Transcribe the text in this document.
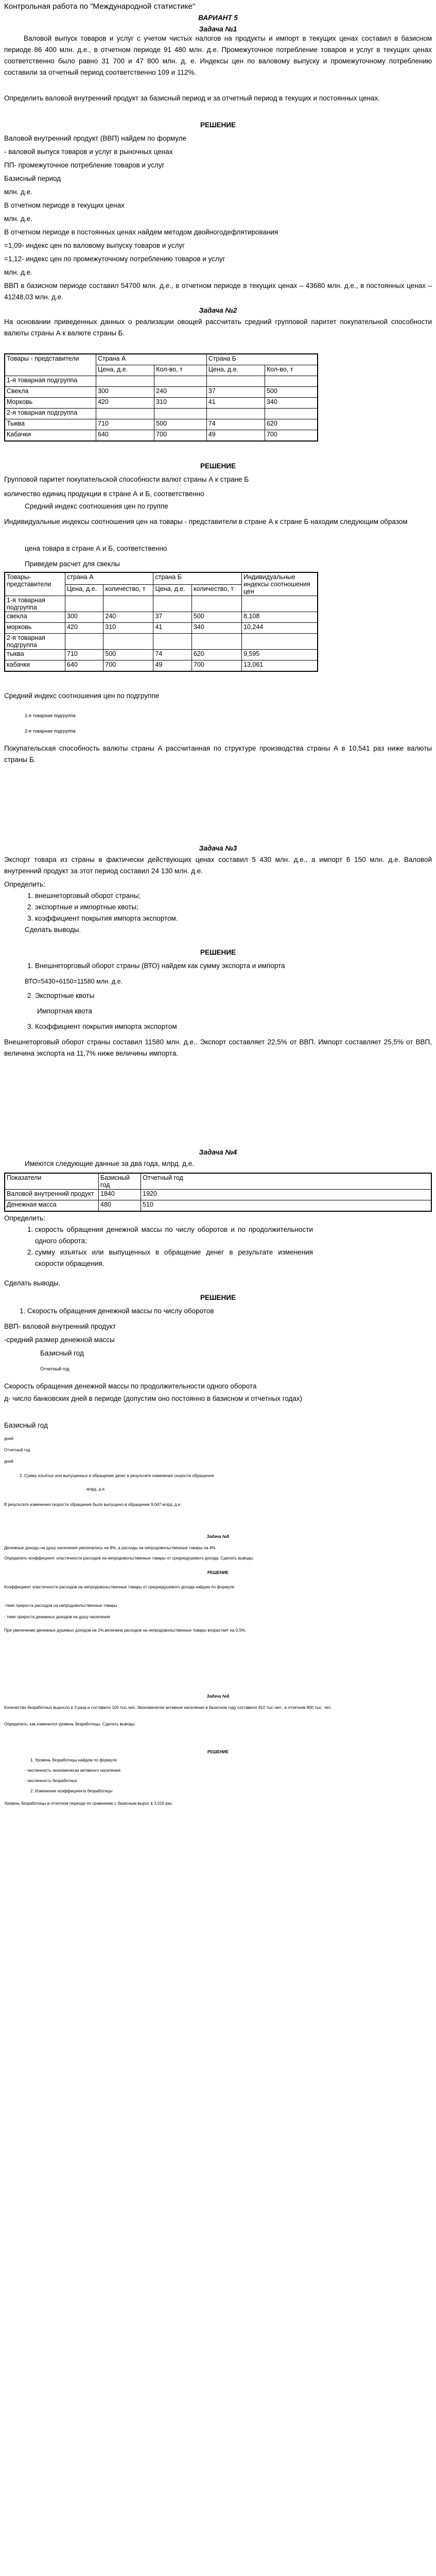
Контрольная работа по "Международной статистике"
ВАРИАНТ 5
Задача №1
Валовой выпуск товаров и услуг с учетом чистых налогов на продукты и импорт в текущих ценах составил в базисном периоде 86 400 млн. д.е., в отчетном периоде 91 480 млн. д.е. Промежуточное потребление товаров и услуг в текущих ценах соответственно было равно 31 700 и 47 800 млн. д. е. Индексы цен по валовому выпуску и промежуточному потреблению составили за отчетный период соответственно 109 и 112%.
Определить валовой внутренний продукт за базисный период и за отчетный период в текущих и постоянных ценах.
РЕШЕНИЕ
Валовой внутренний продукт (ВВП) найдем по формуле
- валовой выпуск товаров и услуг в рыночных ценах
ПП- промежуточное потребление товаров и услуг
Базисный период
млн. д.е.
В отчетном периоде в текущих ценах
млн. д.е.
В отчетном периоде в постоянных ценах найдем методом двойногодефлятирования
=1,09- индекс цен по валовому выпуску товаров и услуг
=1,12- индекс цен по промежуточному потреблению товаров и услуг
млн. д.е.
ВВП в базисном периоде составил 54700 млн. д.е., в отчетном периоде в текущих ценах – 43680 млн. д.е., в постоянных ценах – 41248,03 млн. д.е.
Задача №2
На основании приведенных данных о реализации овощей рассчитать средний групповой паритет покупательной способности валюты страны А к валюте страны Б.
Товары - представители	Страна А		Страна Б	
	Цена, д.е.	Кол-во, т	Цена, д.е.	Кол-во, т
1-я товарная подгруппа				
Свекла	300	240	37	500
Морковь	420	310	41	340
2-я товарная подгруппа				
Тыква	710	500	74	620
Кабачки	640	700	49	700
РЕШЕНИЕ
Групповой паритет покупательской способности валют страны А к стране Б
количество единиц продукции в стране А и Б, соответственно
Средний индекс соотношения цен по группе
Индивидуальные индексы соотношения цен на товары - представители в стране А к стране Б находим следующим образом
цена товара в стране А и Б, соответственно
Приведем расчет для свеклы
Товары-представители	страна А		страна Б		Индивидуальные индексы соотношения цен
	Цена, д.е.	количество, т	Цена, д.е.	количество, т	
1-я товарная подгруппа					
свекла	300	240	37	500	8,108
морковь	420	310	41	340	10,244
2-я товарная подгруппа					
тыква	710	500	74	620	9,595
кабачки	640	700	49	700	13,061
Средний индекс соотношения цен по подгруппе
1-я товарная подгруппа
2-я товарная подгруппа
Покупательская способность валюты страны А рассчитанная по структуре производства страны А в 10,541 раз ниже валюты страны Б.
Задача №3
Экспорт товара из страны в фактически действующих ценах составил 5 430 млн. д.е., а импорт 6 150 млн. д.е. Валовой внутренний продукт за этот период составил 24 130 млн. д.е.
Определить:
1. внешнеторговый оборот страны;
2. экспортные и импортные квоты;
3. коэффициент покрытия импорта экспортом.
Сделать выводы.
РЕШЕНИЕ
1. Внешнеторговый оборот страны (ВТО) найдем как сумму экспорта и импорта
ВТО=5430+6150=11580 млн. д.е.
2. Экспортные квоты
Импортная квота
3. Коэффициент покрытия импорта экспортом
Внешнеторговый оборот страны составил 11580 млн. д.е.. Экспорт составляет 22,5% от ВВП. Импорт составляет 25,5% от ВВП, величина экспорта на 11,7% ниже величины импорта.
Задача №4
Имеются следующие данные за два года, млрд. д.е.
Показатели	Базисный год	Отчетный год
Валовой внутренний продукт	1840	1920
Денежная масса	480	510
Определить:
1. скорость обращения денежной массы по числу оборотов и по продолжительности одного оборота;
2. сумму изъятых или выпущенных в обращение денег в результате изменения скорости обращения.
Сделать выводы.
РЕШЕНИЕ
1. Скорость обращения денежной массы по числу оборотов
ВВП- валовой внутренний продукт
-средний размер денежной массы
Базисный год
Отчетный год
Скорость обращения денежной массы по продолжительности одного оборота
д- число банковских дней в периоде (допустим оно постоянно в базисном и отчетных годах)
Базисный год
дней
Отчетный год
дней
2. Сумму изъятых или выпущенных в обращение денег в результате изменения скорости обращения
млрд. д.е.
В результате изменения скорости обращения было выпущено в обращение 9,047 млрд. д.е.
Задача №5
Денежные доходы на душу населения увеличились на 8%, а расходы на непродовольственные товары на 4%.
Определить коэффициент эластичности расходов на непродовольственные товары от среднедушевого дохода. Сделать выводы.
РЕШЕНИЕ
Коэффициент эластичности расходов на непродовольственные товары от среднедушевого дохода найдем по формуле
-темп прироста расходов на непродовольственные товары
- темп прироста денежных доходов на душу населения
При увеличении денежных душевых доходов на 1%,величина расходов на непродовольственные товары возрастает на 0,5%.
Задача №6
Количество безработных выросло в 3 раза и составило 100 тыс.чел. Экономически активное население в базисном году составило 810 тыс.чел., в отчетном 800 тыс. чел.
Определить, как изменился уровень безработицы. Сделать выводы.
РЕШЕНИЕ
1. Уровень безработицы найдем по формуле
- численность экономически активного населения
- численность безработных
2. Изменение коэффициента безработицы
Уровень безработицы в отчетном периоде по сравнению с базисным вырос в 3,016 раз.
